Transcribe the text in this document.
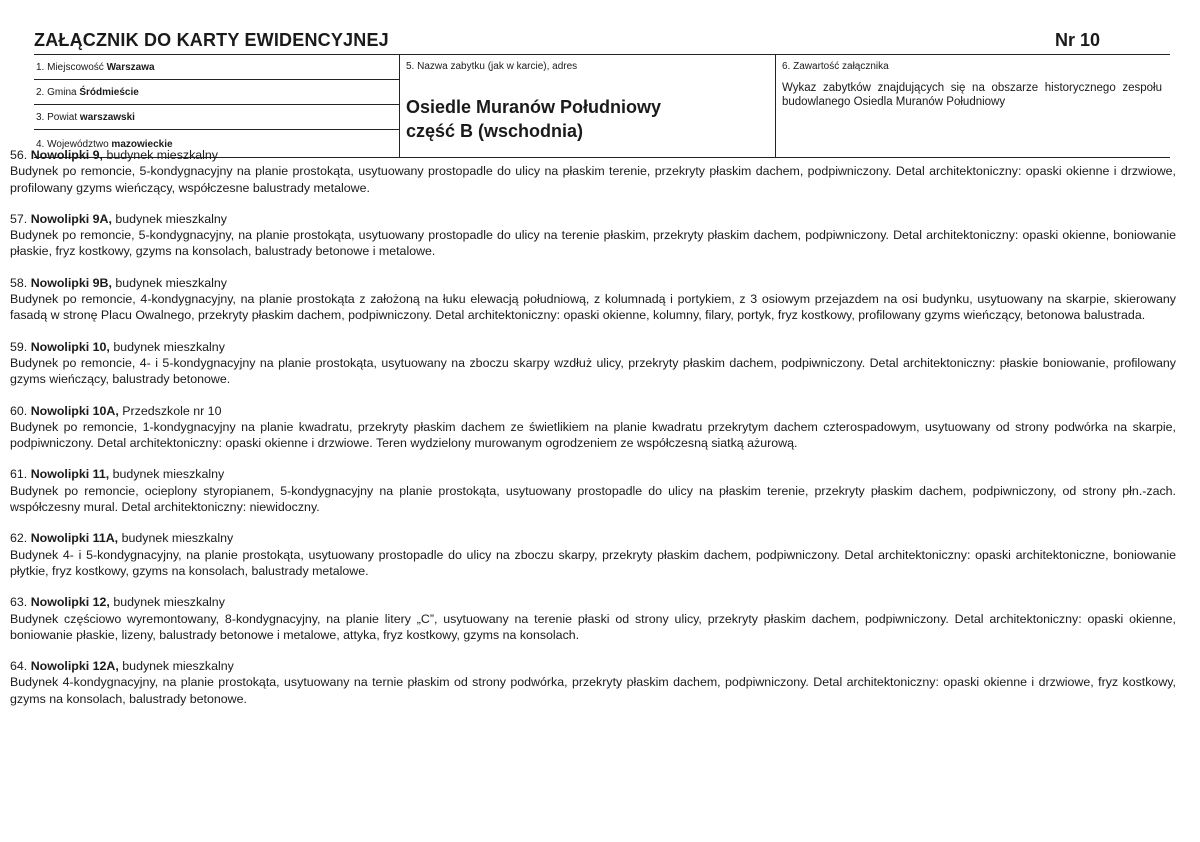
ZAŁĄCZNIK DO KARTY EWIDENCYJNEJ	Nr 10
1. Miejscowość Warszawa
2. Gmina Śródmieście
3. Powiat warszawski
4. Województwo mazowieckie
5. Nazwa zabytku (jak w karcie), adres
Osiedle Muranów Południowy
część B (wschodnia)
6. Zawartość załącznika
Wykaz zabytków znajdujących się na obszarze historycznego zespołu budowlanego Osiedla Muranów Południowy
56. Nowolipki 9, budynek mieszkalny
Budynek po remoncie, 5-kondygnacyjny na planie prostokąta, usytuowany prostopadle do ulicy na płaskim terenie, przekryty płaskim dachem, podpiwniczony. Detal architektoniczny: opaski okienne i drzwiowe, profilowany gzyms wieńczący, współczesne balustrady metalowe.
57. Nowolipki 9A, budynek mieszkalny
Budynek po remoncie, 5-kondygnacyjny, na planie prostokąta, usytuowany prostopadle do ulicy na terenie płaskim, przekryty płaskim dachem, podpiwniczony. Detal architektoniczny: opaski okienne, boniowanie płaskie, fryz kostkowy, gzyms na konsolach, balustrady betonowe i metalowe.
58. Nowolipki 9B, budynek mieszkalny
Budynek po remoncie, 4-kondygnacyjny, na planie prostokąta z założoną na łuku elewacją południową, z kolumnadą i portykiem, z 3 osiowym przejazdem na osi budynku, usytuowany na skarpie, skierowany fasadą w stronę Placu Owalnego, przekryty płaskim dachem, podpiwniczony. Detal architektoniczny: opaski okienne, kolumny, filary, portyk, fryz kostkowy, profilowany gzyms wieńczący, betonowa balustrada.
59. Nowolipki 10, budynek mieszkalny
Budynek po remoncie, 4- i 5-kondygnacyjny na planie prostokąta, usytuowany na zboczu skarpy wzdłuż ulicy, przekryty płaskim dachem, podpiwniczony. Detal architektoniczny: płaskie boniowanie, profilowany gzyms wieńczący, balustrady betonowe.
60. Nowolipki 10A, Przedszkole nr 10
Budynek po remoncie, 1-kondygnacyjny na planie kwadratu, przekryty płaskim dachem ze świetlikiem na planie kwadratu przekrytym dachem czterospadowym, usytuowany od strony podwórka na skarpie, podpiwniczony. Detal architektoniczny: opaski okienne i drzwiowe. Teren wydzielony murowanym ogrodzeniem ze współczesną siatką ażurową.
61. Nowolipki 11, budynek mieszkalny
Budynek po remoncie, ocieplony styropianem, 5-kondygnacyjny na planie prostokąta, usytuowany prostopadle do ulicy na płaskim terenie, przekryty płaskim dachem, podpiwniczony, od strony płn.-zach. współczesny mural. Detal architektoniczny: niewidoczny.
62. Nowolipki 11A, budynek mieszkalny
Budynek 4- i 5-kondygnacyjny, na planie prostokąta, usytuowany prostopadle do ulicy na zboczu skarpy, przekryty płaskim dachem, podpiwniczony. Detal architektoniczny: opaski architektoniczne, boniowanie płytkie, fryz kostkowy, gzyms na konsolach, balustrady metalowe.
63. Nowolipki 12, budynek mieszkalny
Budynek częściowo wyremontowany, 8-kondygnacyjny, na planie litery „C”, usytuowany na terenie płaski od strony ulicy, przekryty płaskim dachem, podpiwniczony. Detal architektoniczny: opaski okienne, boniowanie płaskie, lizeny, balustrady betonowe i metalowe, attyka, fryz kostkowy, gzyms na konsolach.
64. Nowolipki 12A, budynek mieszkalny
Budynek 4-kondygnacyjny, na planie prostokąta, usytuowany na ternie płaskim od strony podwórka, przekryty płaskim dachem, podpiwniczony. Detal architektoniczny: opaski okienne i drzwiowe, fryz kostkowy, gzyms na konsolach, balustrady betonowe.
